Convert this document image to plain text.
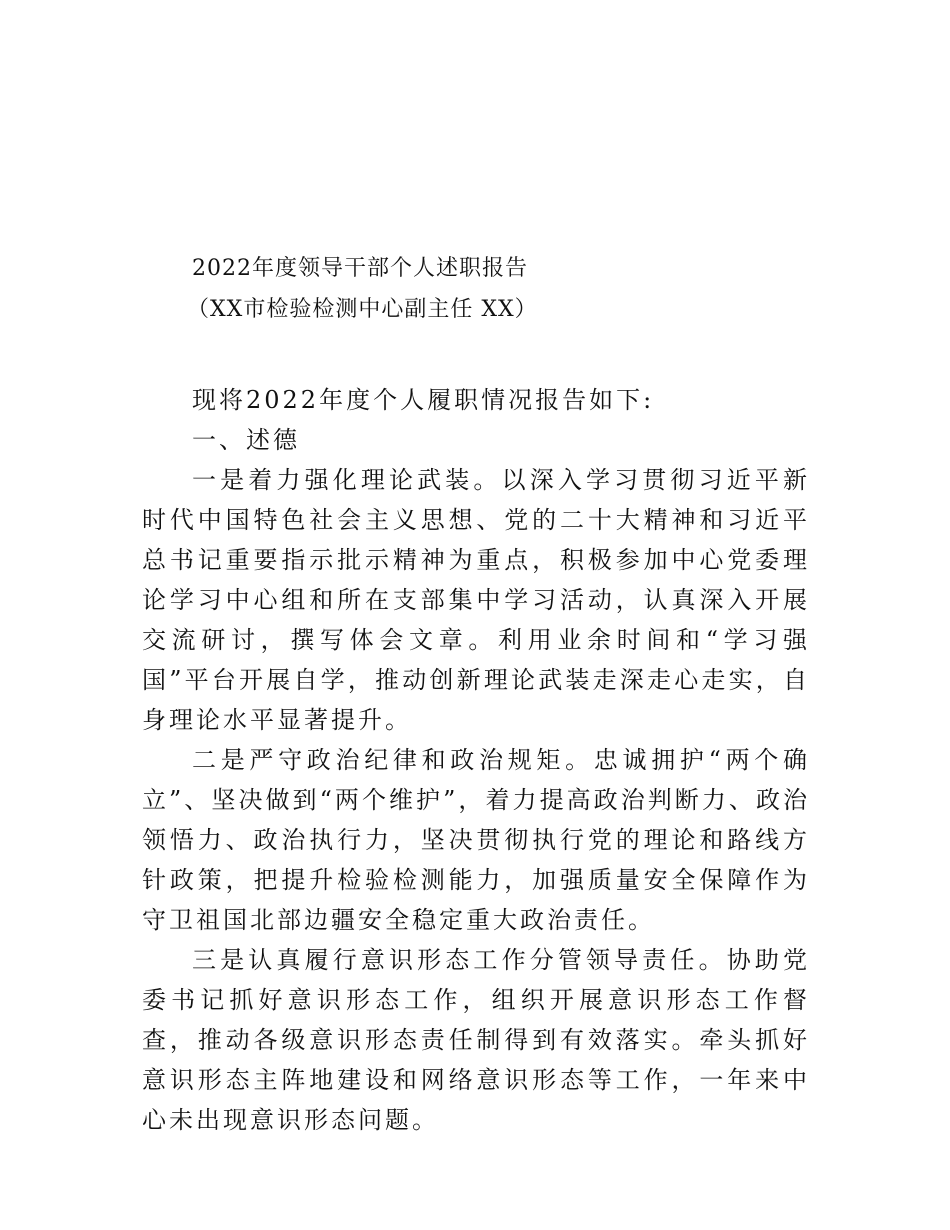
2022年度领导干部个人述职报告
（XX市检验检测中心副主任 XX）

现将2022年度个人履职情况报告如下:

一、述德

一是着力强化理论武装。以深入学习贯彻习近平新时代中国特色社会主义思想、党的二十大精神和习近平总书记重要指示批示精神为重点，积极参加中心党委理论学习中心组和所在支部集中学习活动，认真深入开展交流研讨，撰写体会文章。利用业余时间和“学习强国”平台开展自学，推动创新理论武装走深走心走实，自身理论水平显著提升。

二是严守政治纪律和政治规矩。忠诚拥护“两个确立”、坚决做到“两个维护”，着力提高政治判断力、政治领悟力、政治执行力，坚决贯彻执行党的理论和路线方针政策，把提升检验检测能力，加强质量安全保障作为守卫祖国北部边疆安全稳定重大政治责任。

三是认真履行意识形态工作分管领导责任。协助党委书记抓好意识形态工作，组织开展意识形态工作督查，推动各级意识形态责任制得到有效落实。牵头抓好意识形态主阵地建设和网络意识形态等工作，一年来中心未出现意识形态问题。
